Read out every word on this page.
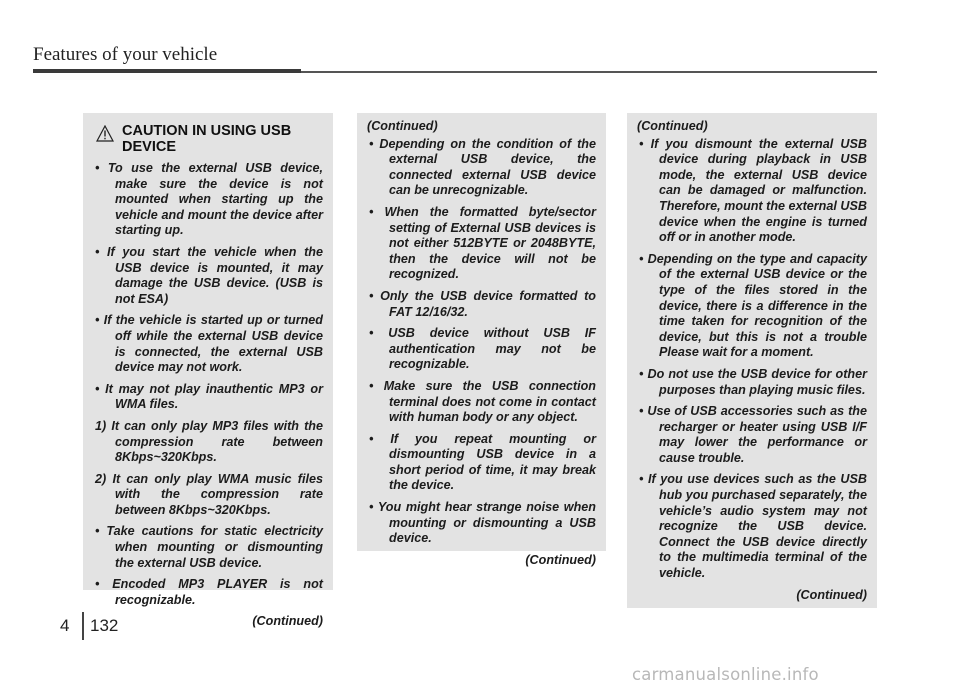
Features of your vehicle
CAUTION IN USING USB DEVICE
• To use the external USB device, make sure the device is not mounted when starting up the vehicle and mount the device after starting up.
• If you start the vehicle when the USB device is mounted, it may damage the USB device. (USB is not ESA)
• If the vehicle is started up or turned off while the external USB device is connected, the external USB device may not work.
• It may not play inauthentic MP3 or WMA files.
1) It can only play MP3 files with the compression rate between 8Kbps~320Kbps.
2) It can only play WMA music files with the compression rate between 8Kbps~320Kbps.
• Take cautions for static electricity when mounting or dismounting the external USB device.
• Encoded MP3 PLAYER is not recognizable.
(Continued)
(Continued)
• Depending on the condition of the external USB device, the connected external USB device can be unrecognizable.
• When the formatted byte/sector setting of External USB devices is not either 512BYTE or 2048BYTE, then the device will not be recognized.
• Only the USB device formatted to FAT 12/16/32.
• USB device without USB IF authentication may not be recognizable.
• Make sure the USB connection terminal does not come in contact with human body or any object.
• If you repeat mounting or dismounting USB device in a short period of time, it may break the device.
• You might hear strange noise when mounting or dismounting a USB device.
(Continued)
(Continued)
• If you dismount the external USB device during playback in USB mode, the external USB device can be damaged or malfunction. Therefore, mount the external USB device when the engine is turned off or in another mode.
• Depending on the type and capacity of the external USB device or the type of the files stored in the device, there is a difference in the time taken for recognition of the device, but this is not a trouble Please wait for a moment.
• Do not use the USB device for other purposes than playing music files.
• Use of USB accessories such as the recharger or heater using USB I/F may lower the performance or cause trouble.
• If you use devices such as the USB hub you purchased separately, the vehicle’s audio system may not recognize the USB device. Connect the USB device directly to the multimedia terminal of the vehicle.
(Continued)
4 132
carmanualsonline.info
